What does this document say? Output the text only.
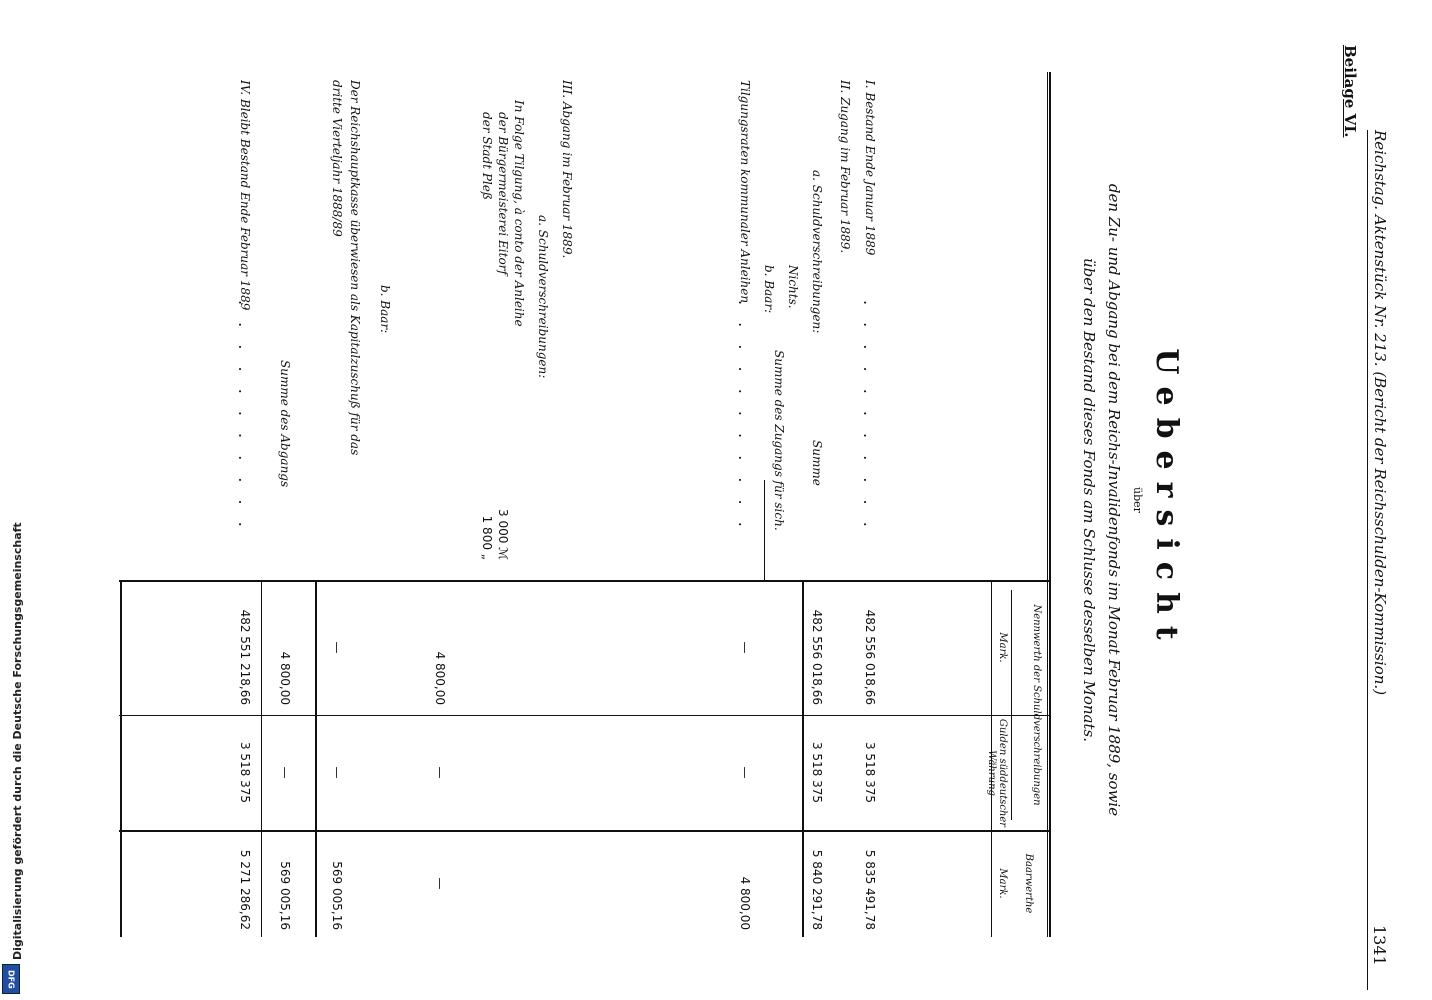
Digitalisierung gefördert durch die Deutsche Forschungsgemeinschaft
DFG
Beilage VI.
Reichstag. Aktenstück Nr. 213. (Bericht der Reichsschulden-Kommission.)
1341
Uebersicht
über
den Zu- und Abgang bei dem Reichs-Invalidenfonds im Monat Februar 1889, sowie
über den Bestand dieses Fonds am Schlusse desselben Monats.
Nennwerth der Schuldverschreibungen
Mark.
Gulden süddeutscher Währung
Baarwerthe
Mark.
I. Bestand Ende Januar 1889
. . . . . . . . . . .
482 556 018,66
3 518 375
5 835 491,78
II. Zugang im Februar 1889.
a. Schuldverschreibungen:
Nichts.
b. Baar:
Tilgungsraten kommunaler Anleihen
. . . . . . . . . . .
—
—
4 800,00
Summe des Zugangs für sich. Summe
482 556 018,66
3 518 375
5 840 291,78
III. Abgang im Februar 1889.
a. Schuldverschreibungen:
In Folge Tilgung, à conto der Anleihe
der Bürgermeisterei Eitorf
der Stadt Pleß
3 000 ℳ
1 800 „
4 800,00
—
—
b. Baar:
Der Reichshauptkasse überwiesen als Kapitalzuschuß für das
dritte Vierteljahr 1888/89
—
—
569 005,16
Summe des Abgangs
4 800,00
—
569 005,16
IV. Bleibt Bestand Ende Februar 1889
. . . . . . . . . . .
482 551 218,66
3 518 375
5 271 286,62
